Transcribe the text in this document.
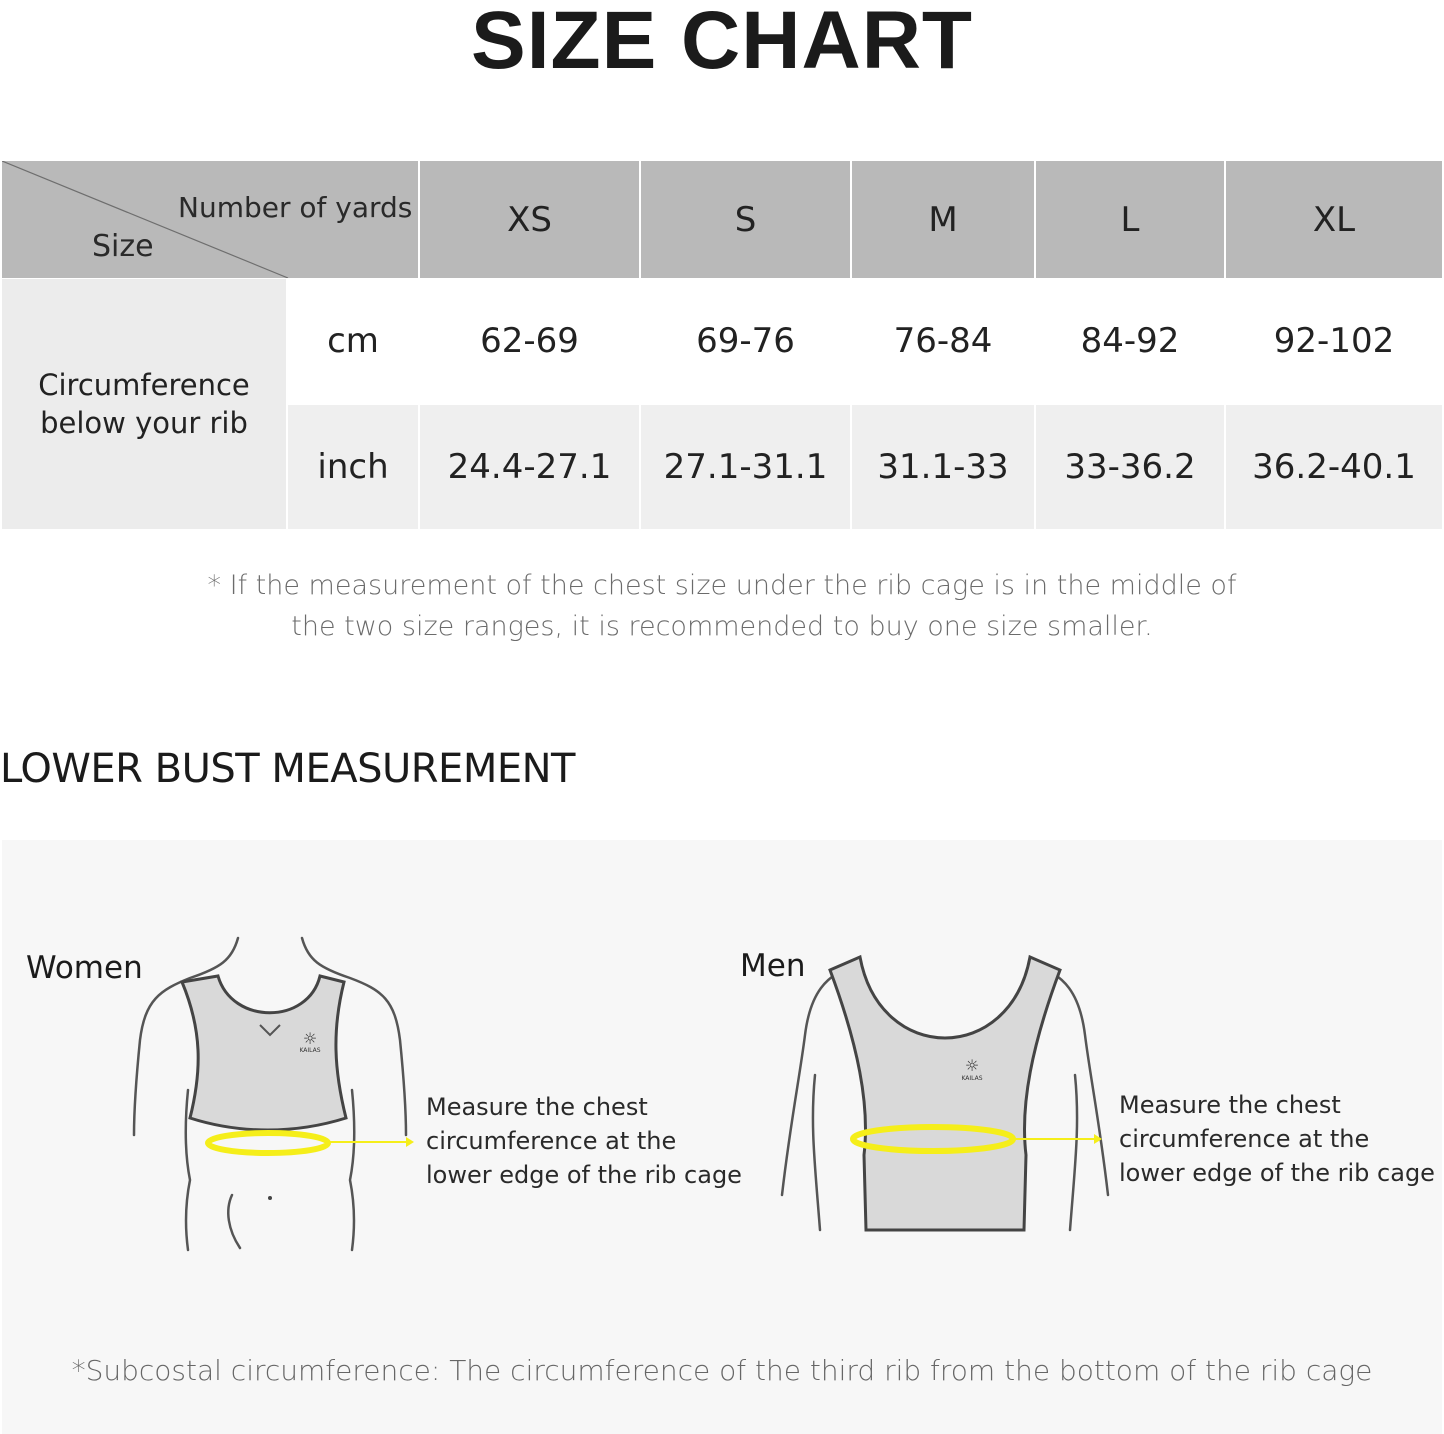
SIZE CHART
Number of yards
Size
XS	S	M	L	XL
Circumference
below your rib
cm	62-69	69-76	76-84	84-92	92-102
inch	24.4-27.1	27.1-31.1	31.1-33	33-36.2	36.2-40.1
* If the measurement of the chest size under the rib cage is in the middle of
the two size ranges, it is recommended to buy one size smaller.
LOWER BUST MEASUREMENT
Women
☼
KAILAS
Measure the chest
circumference at the
lower edge of the rib cage
Men
☼
KAILAS
Measure the chest
circumference at the
lower edge of the rib cage
*Subcostal circumference: The circumference of the third rib from the bottom of the rib cage
